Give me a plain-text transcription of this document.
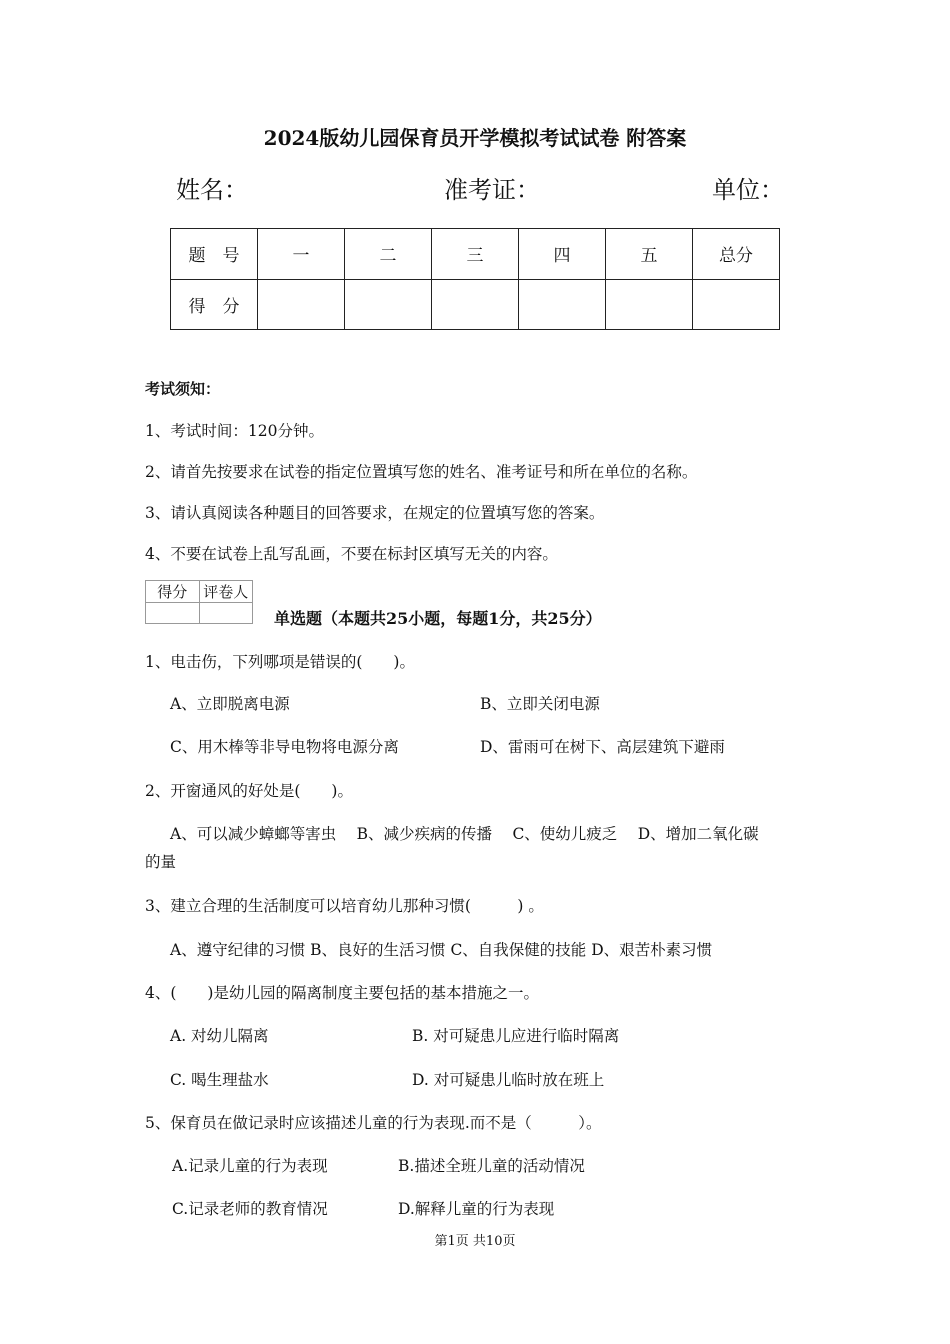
2024版幼儿园保育员开学模拟考试试卷 附答案
姓名：	准考证：	单位：
题　号	一	二	三	四	五	总分
得　分						
考试须知：
1、考试时间：120分钟。
2、请首先按要求在试卷的指定位置填写您的姓名、准考证号和所在单位的名称。
3、请认真阅读各种题目的回答要求，在规定的位置填写您的答案。
4、不要在试卷上乱写乱画，不要在标封区填写无关的内容。
得分	评卷人

单选题（本题共25小题，每题1分，共25分）
1、电击伤，下列哪项是错误的(　　)。
A、立即脱离电源	B、立即关闭电源
C、用木棒等非导电物将电源分离	D、雷雨可在树下、高层建筑下避雨
2、开窗通风的好处是(　　)。
A、可以减少蟑螂等害虫　 B、减少疾病的传播　 C、使幼儿疲乏　 D、增加二氧化碳
的量
3、建立合理的生活制度可以培育幼儿那种习惯(　　　) 。
A、遵守纪律的习惯 B、良好的生活习惯 C、自我保健的技能 D、艰苦朴素习惯
4、(　　)是幼儿园的隔离制度主要包括的基本措施之一。
A. 对幼儿隔离	B. 对可疑患儿应进行临时隔离
C. 喝生理盐水	D. 对可疑患儿临时放在班上
5、保育员在做记录时应该描述儿童的行为表现.而不是（　　　）。
A.记录儿童的行为表现	B.描述全班儿童的活动情况
C.记录老师的教育情况	D.解释儿童的行为表现
第1页 共10页
